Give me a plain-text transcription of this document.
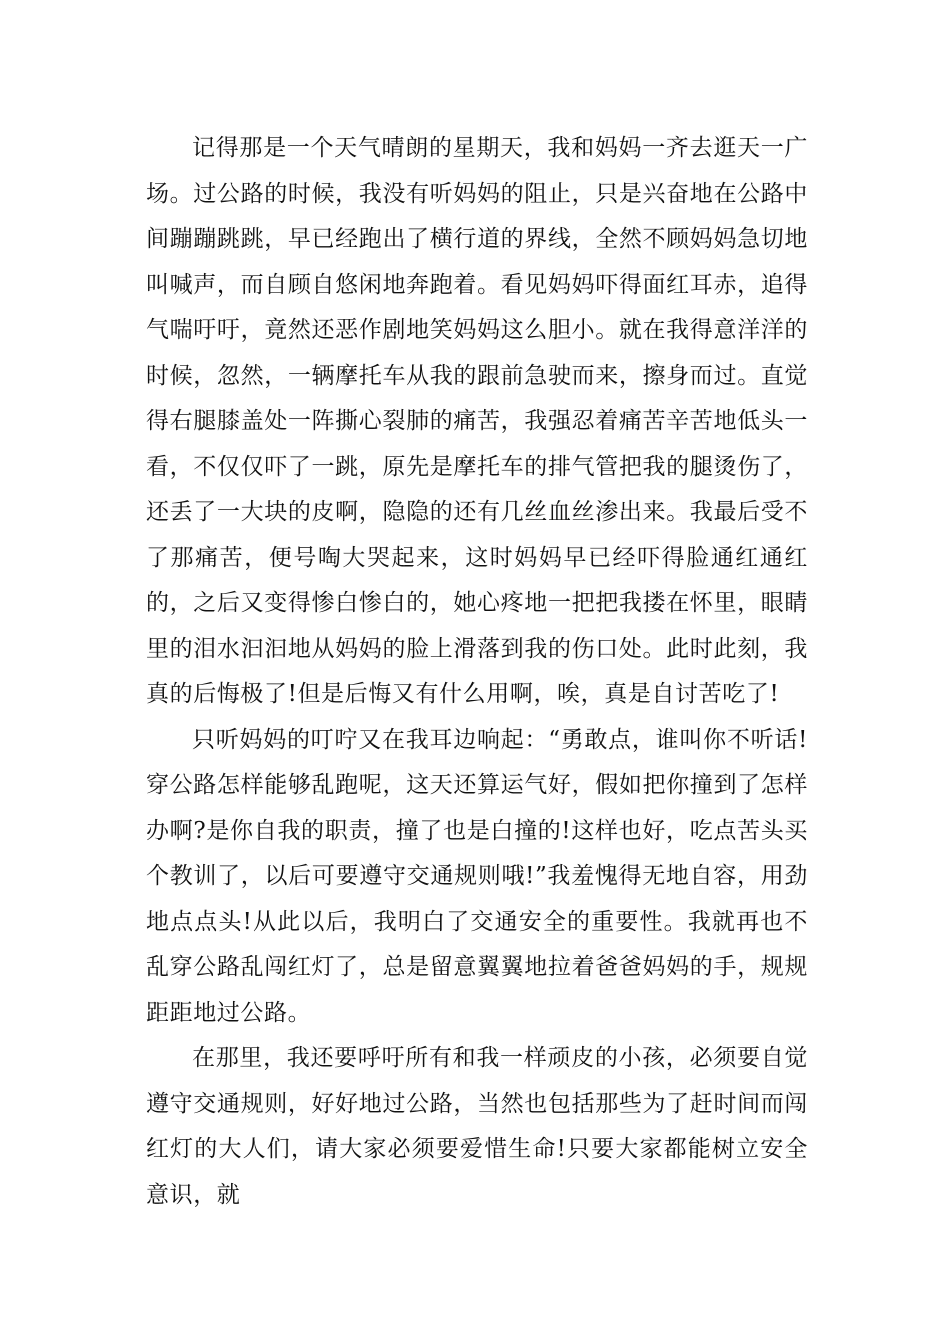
记得那是一个天气晴朗的星期天，我和妈妈一齐去逛天一广场。过公路的时候，我没有听妈妈的阻止，只是兴奋地在公路中间蹦蹦跳跳，早已经跑出了横行道的界线，全然不顾妈妈急切地叫喊声，而自顾自悠闲地奔跑着。看见妈妈吓得面红耳赤，追得气喘吁吁，竟然还恶作剧地笑妈妈这么胆小。就在我得意洋洋的时候，忽然，一辆摩托车从我的跟前急驶而来，擦身而过。直觉得右腿膝盖处一阵撕心裂肺的痛苦，我强忍着痛苦辛苦地低头一看，不仅仅吓了一跳，原先是摩托车的排气管把我的腿烫伤了，还丢了一大块的皮啊，隐隐的还有几丝血丝渗出来。我最后受不了那痛苦，便号啕大哭起来，这时妈妈早已经吓得脸通红通红的，之后又变得惨白惨白的，她心疼地一把把我搂在怀里，眼睛里的泪水汩汩地从妈妈的脸上滑落到我的伤口处。此时此刻，我真的后悔极了!但是后悔又有什么用啊，唉，真是自讨苦吃了!

只听妈妈的叮咛又在我耳边响起：“勇敢点，谁叫你不听话!穿公路怎样能够乱跑呢，这天还算运气好，假如把你撞到了怎样办啊?是你自我的职责，撞了也是白撞的!这样也好，吃点苦头买个教训了，以后可要遵守交通规则哦!”我羞愧得无地自容，用劲地点点头!从此以后，我明白了交通安全的重要性。我就再也不乱穿公路乱闯红灯了，总是留意翼翼地拉着爸爸妈妈的手，规规距距地过公路。

在那里，我还要呼吁所有和我一样顽皮的小孩，必须要自觉遵守交通规则，好好地过公路，当然也包括那些为了赶时间而闯红灯的大人们，请大家必须要爱惜生命!只要大家都能树立安全意识，就
